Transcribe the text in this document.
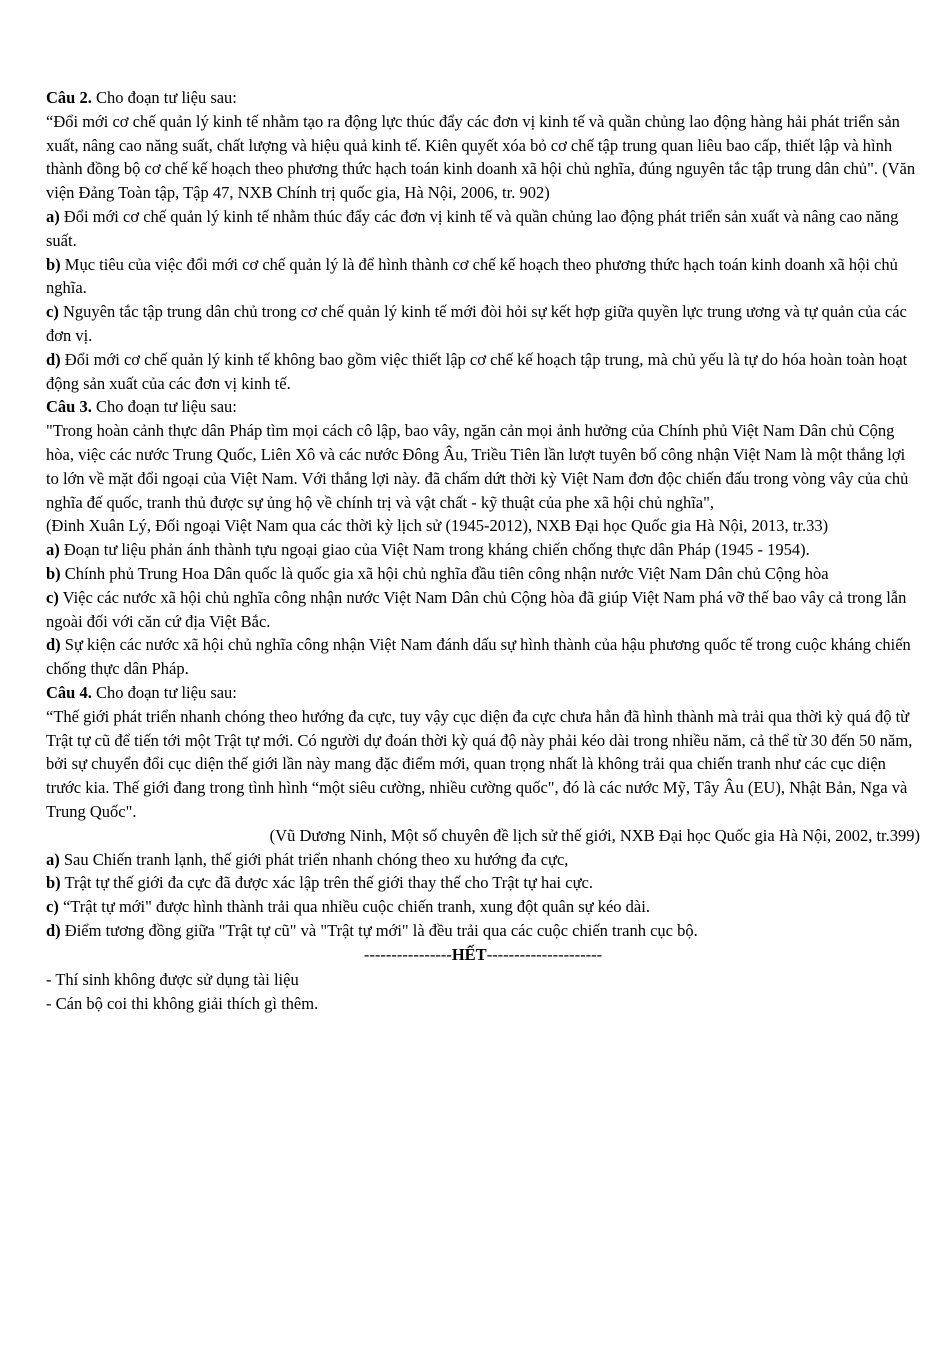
Câu 2. Cho đoạn tư liệu sau:

“Đổi mới cơ chế quản lý kinh tế nhằm tạo ra động lực thúc đẩy các đơn vị kinh tế và quần chủng lao động hàng hải phát triển sản xuất, nâng cao năng suất, chất lượng và hiệu quả kinh tế. Kiên quyết xóa bỏ cơ chế tập trung quan liêu bao cấp, thiết lập và hình thành đồng bộ cơ chế kế hoạch theo phương thức hạch toán kinh doanh xã hội chủ nghĩa, đúng nguyên tắc tập trung dân chủ". (Văn viện Đảng Toàn tập, Tập 47, NXB Chính trị quốc gia, Hà Nội, 2006, tr. 902)

a) Đổi mới cơ chế quản lý kinh tế nhằm thúc đẩy các đơn vị kinh tế và quần chủng lao động phát triển sản xuất và nâng cao năng suất.

b) Mục tiêu của việc đổi mới cơ chế quản lý là để hình thành cơ chế kế hoạch theo phương thức hạch toán kinh doanh xã hội chủ nghĩa.

c) Nguyên tắc tập trung dân chủ trong cơ chế quản lý kinh tế mới đòi hỏi sự kết hợp giữa quyền lực trung ương và tự quản của các đơn vị.

d) Đổi mới cơ chế quản lý kinh tế không bao gồm việc thiết lập cơ chế kế hoạch tập trung, mà chủ yếu là tự do hóa hoàn toàn hoạt động sản xuất của các đơn vị kinh tế.

Câu 3. Cho đoạn tư liệu sau:

"Trong hoàn cảnh thực dân Pháp tìm mọi cách cô lập, bao vây, ngăn cản mọi ảnh hưởng của Chính phủ Việt Nam Dân chủ Cộng hòa, việc các nước Trung Quốc, Liên Xô và các nước Đông Âu, Triều Tiên lần lượt tuyên bố công nhận Việt Nam là một thắng lợi to lớn về mặt đổi ngoại của Việt Nam. Với thắng lợi này. đã chấm dứt thời kỳ Việt Nam đơn độc chiến đấu trong vòng vây của chủ nghĩa đế quốc, tranh thủ được sự ủng hộ về chính trị và vật chất - kỹ thuật của phe xã hội chủ nghĩa",

(Đinh Xuân Lý, Đối ngoại Việt Nam qua các thời kỳ lịch sử (1945-2012), NXB Đại học Quốc gia Hà Nội, 2013, tr.33)

a) Đoạn tư liệu phản ánh thành tựu ngoại giao của Việt Nam trong kháng chiến chống thực dân Pháp (1945 - 1954).

b) Chính phủ Trung Hoa Dân quốc là quốc gia xã hội chủ nghĩa đầu tiên công nhận nước Việt Nam Dân chủ Cộng hòa

c) Việc các nước xã hội chủ nghĩa công nhận nước Việt Nam Dân chủ Cộng hòa đã giúp Việt Nam phá vỡ thế bao vây cả trong lẫn ngoài đối với căn cứ địa Việt Bắc.

d) Sự kiện các nước xã hội chủ nghĩa công nhận Việt Nam đánh dấu sự hình thành của hậu phương quốc tế trong cuộc kháng chiến chống thực dân Pháp.

Câu 4. Cho đoạn tư liệu sau:

“Thế giới phát triển nhanh chóng theo hướng đa cực, tuy vậy cục diện đa cực chưa hẳn đã hình thành mà trải qua thời kỳ quá độ từ Trật tự cũ để tiến tới một Trật tự mới. Có người dự đoán thời kỳ quá độ này phải kéo dài trong nhiều năm, cả thể từ 30 đến 50 năm, bởi sự chuyển đổi cục diện thế giới lần này mang đặc điểm mới, quan trọng nhất là không trải qua chiến tranh như các cục diện trước kia. Thế giới đang trong tình hình “một siêu cường, nhiều cường quốc", đó là các nước Mỹ, Tây Âu (EU), Nhật Bản, Nga và Trung Quốc".

(Vũ Dương Ninh, Một số chuyên đề lịch sử thế giới, NXB Đại học Quốc gia Hà Nội, 2002, tr.399)

a) Sau Chiến tranh lạnh, thế giới phát triển nhanh chóng theo xu hướng đa cực,

b) Trật tự thế giới đa cực đã được xác lập trên thế giới thay thế cho Trật tự hai cực.

c) “Trật tự mới" được hình thành trải qua nhiều cuộc chiến tranh, xung đột quân sự kéo dài.

d) Điểm tương đồng giữa "Trật tự cũ" và "Trật tự mới" là đều trải qua các cuộc chiến tranh cục bộ.

----------------HẾT---------------------

- Thí sinh không được sử dụng tài liệu

- Cán bộ coi thi không giải thích gì thêm.
